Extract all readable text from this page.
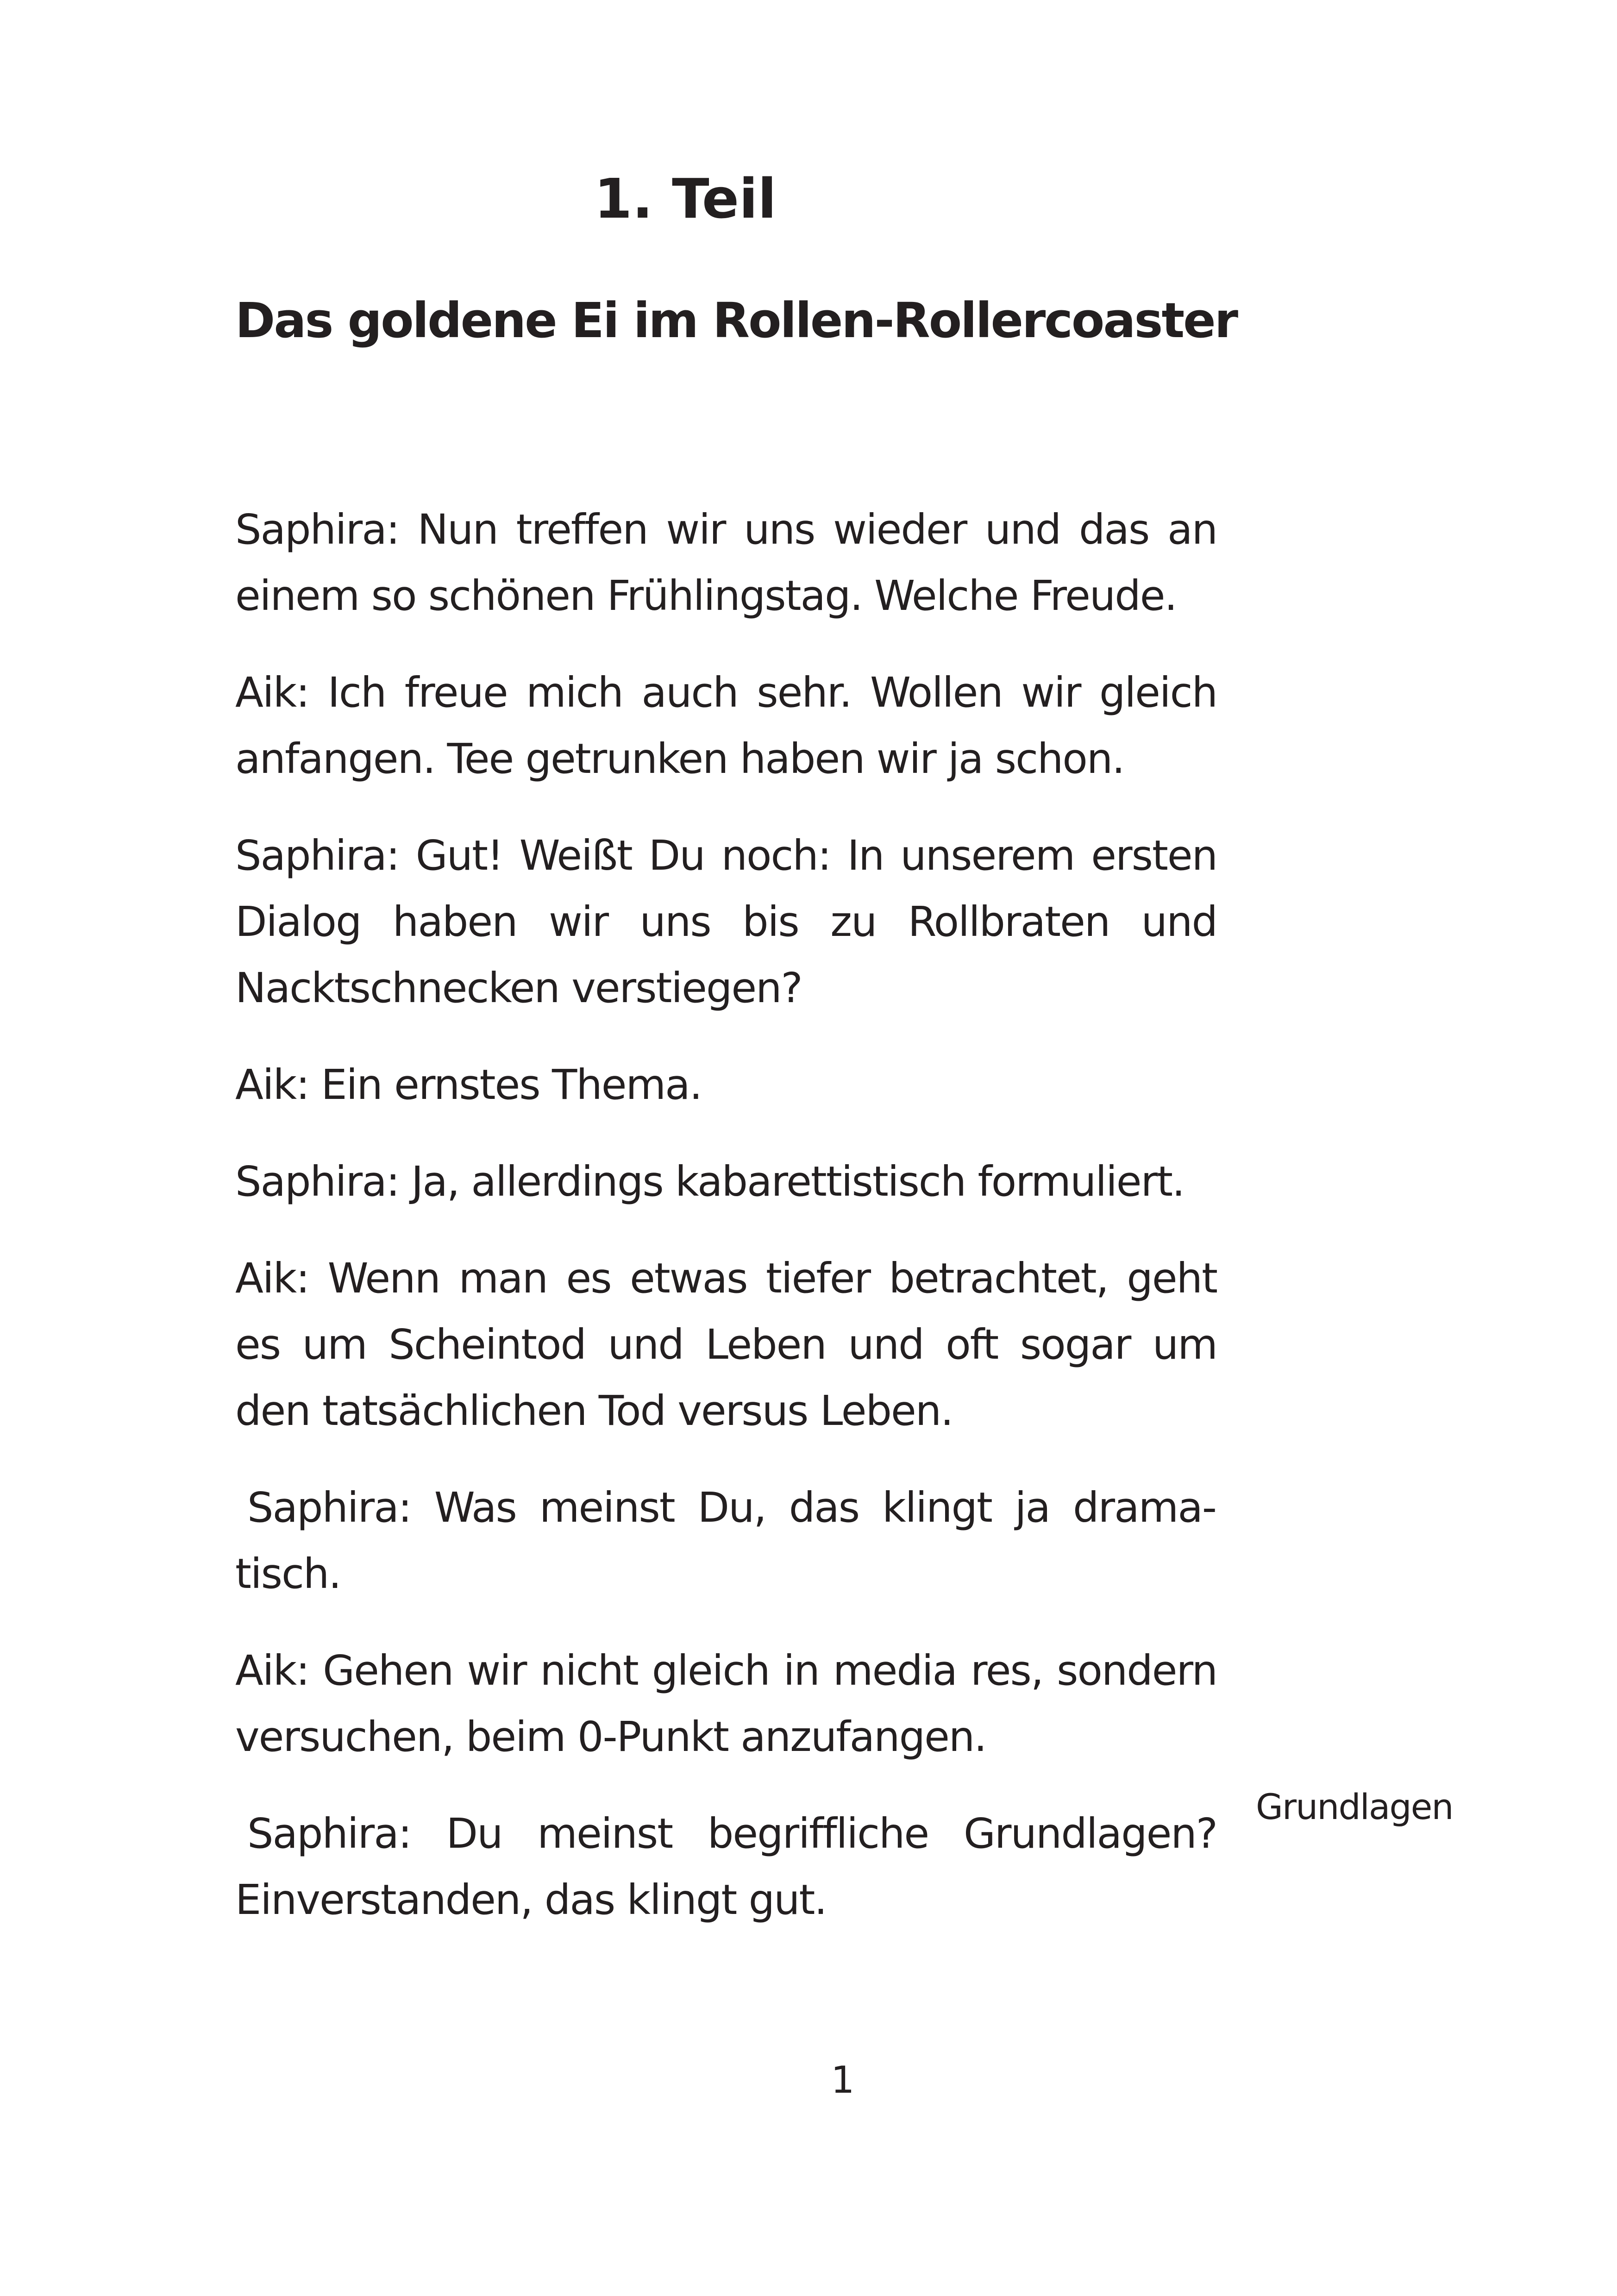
1. Teil
Das goldene Ei im Rollen-Rollercoaster

Saphira: Nun treffen wir uns wieder und das an einem so schönen Frühlingstag. Welche Freude.

Aik: Ich freue mich auch sehr. Wollen wir gleich anfangen. Tee getrunken haben wir ja schon.

Saphira: Gut! Weißt Du noch: In unserem ersten Dialog haben wir uns bis zu Rollbraten und Nacktschnecken verstiegen?

Aik: Ein ernstes Thema.

Saphira: Ja, allerdings kabarettistisch formuliert.

Aik: Wenn man es etwas tiefer betrachtet, geht es um Scheintod und Leben und oft sogar um den tatsächlichen Tod versus Leben.

Saphira: Was meinst Du, das klingt ja dramatisch.

Aik: Gehen wir nicht gleich in media res, sondern versuchen, beim 0-Punkt anzufangen.

Saphira: Du meinst begriffliche Grundlagen? Einverstanden, das klingt gut.

Grundlagen

1
